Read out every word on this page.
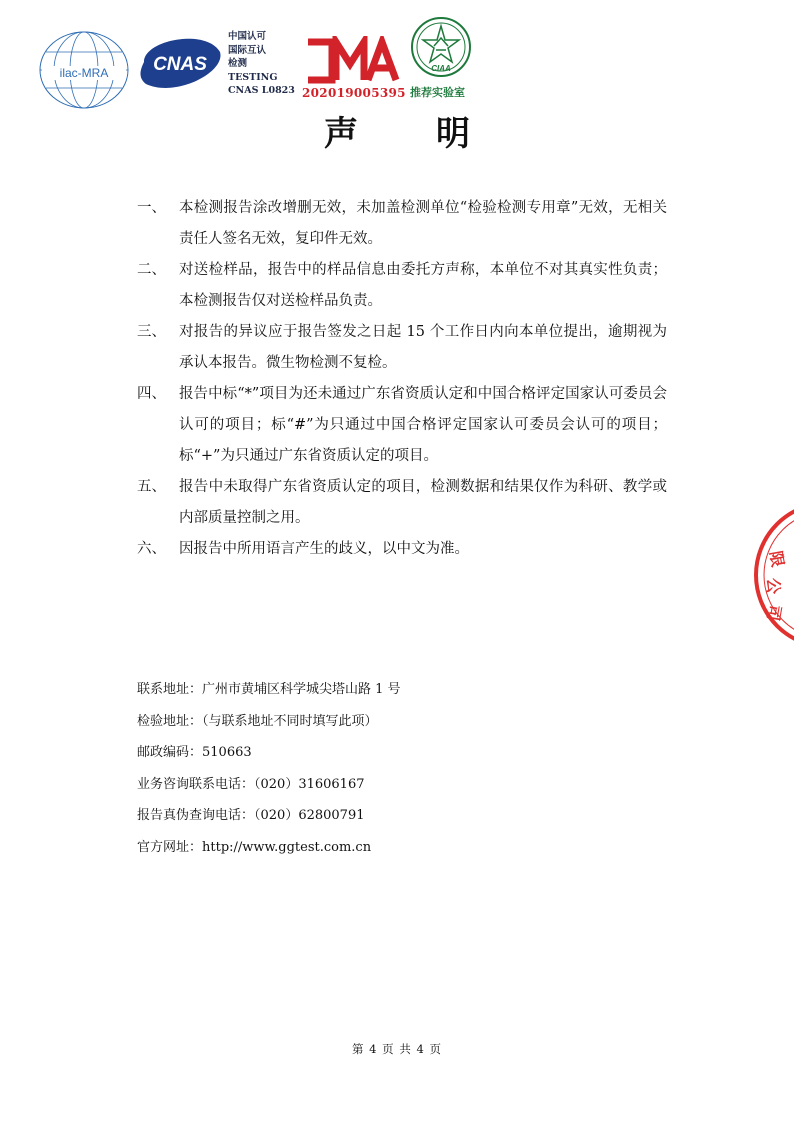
ilac-MRA CNAS
中国认可
国际互认
检测
TESTING
CNAS L0823 202019005395
CIAA
推荐实验室
声明
一、 本检测报告涂改增删无效，未加盖检测单位“检验检测专用章”无效，无相关责任人签名无效，复印件无效。
二、 对送检样品，报告中的样品信息由委托方声称，本单位不对其真实性负责；本检测报告仅对送检样品负责。
三、 对报告的异议应于报告签发之日起 15 个工作日内向本单位提出，逾期视为承认本报告。微生物检测不复检。
四、 报告中标“*”项目为还未通过广东省资质认定和中国合格评定国家认可委员会认可的项目；标“#”为只通过中国合格评定国家认可委员会认可的项目；标“+”为只通过广东省资质认定的项目。
五、 报告中未取得广东省资质认定的项目，检测数据和结果仅作为科研、教学或内部质量控制之用。
六、 因报告中所用语言产生的歧义，以中文为准。
联系地址：广州市黄埔区科学城尖塔山路 1 号
检验地址：（与联系地址不同时填写此项）
邮政编码：510663
业务咨询联系电话：（020）31606167
报告真伪查询电话：（020）62800791
官方网址：http://www.ggtest.com.cn
第 4 页 共 4 页
限
公
司
